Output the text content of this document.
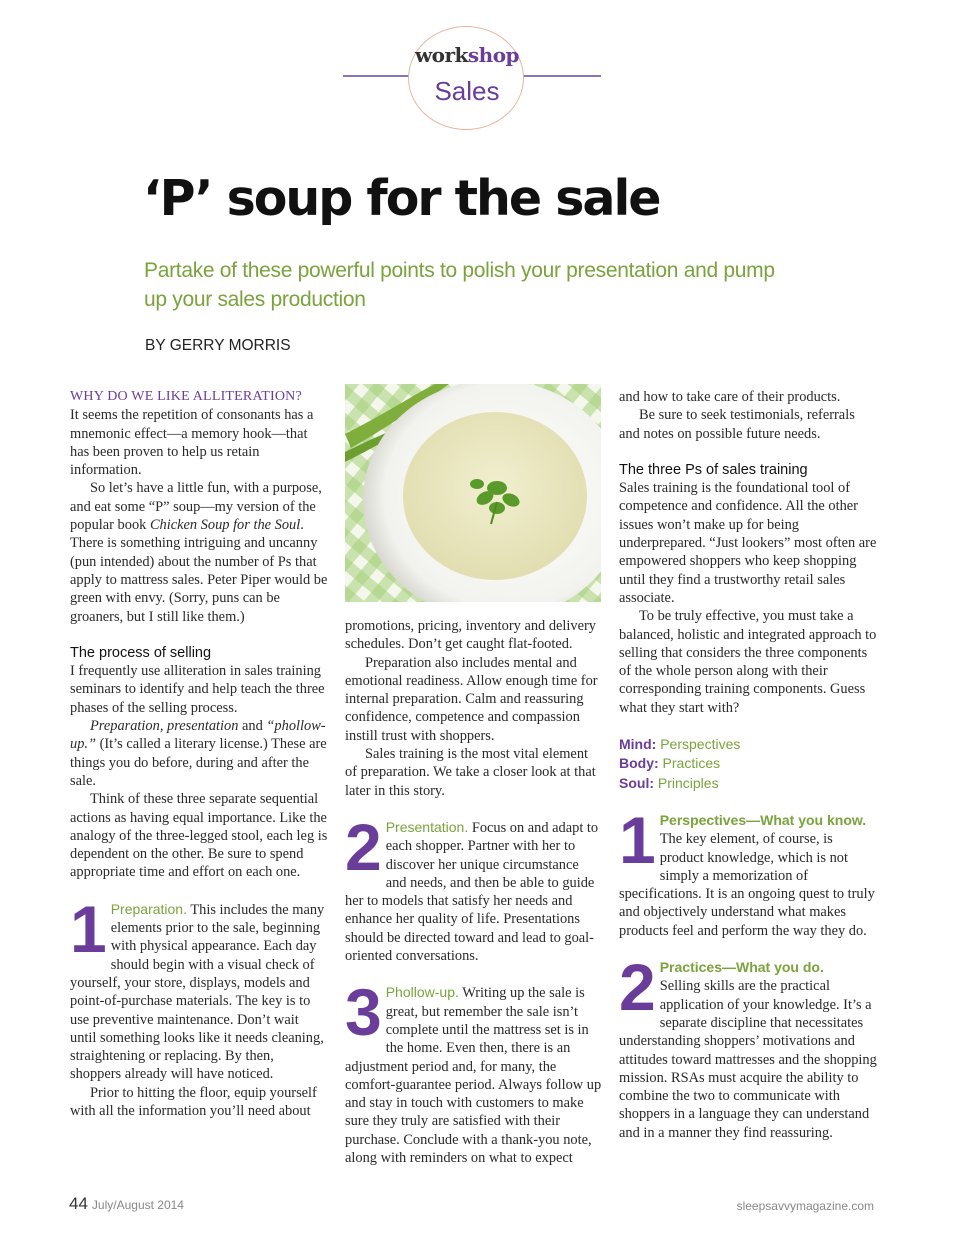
workshop
Sales
‘P’ soup for the sale

Partake of these powerful points to polish your presentation and pump up your sales production

BY GERRY MORRIS

WHY DO WE LIKE ALLITERATION?

It seems the repetition of consonants has a mnemonic effect—a memory hook—that has been proven to help us retain information.

So let’s have a little fun, with a purpose, and eat some “P” soup—my version of the popular book Chicken Soup for the Soul. There is something intriguing and uncanny (pun intended) about the number of Ps that apply to mattress sales. Peter Piper would be green with envy. (Sorry, puns can be groaners, but I still like them.)

The process of selling

I frequently use alliteration in sales training seminars to identify and help teach the three phases of the selling process.

Preparation, presentation and “phollow-up.” (It’s called a literary license.) These are things you do before, during and after the sale.

Think of these three separate sequential actions as having equal importance. Like the analogy of the three-legged stool, each leg is dependent on the other. Be sure to spend appropriate time and effort on each one.

1 Preparation. This includes the many elements prior to the sale, beginning with physical appearance. Each day should begin with a visual check of yourself, your store, displays, models and point-of-purchase materials. The key is to use preventive maintenance. Don’t wait until something looks like it needs cleaning, straightening or replacing. By then, shoppers already will have noticed.

Prior to hitting the floor, equip yourself with all the information you’ll need about

promotions, pricing, inventory and delivery schedules. Don’t get caught flat-footed.

Preparation also includes mental and emotional readiness. Allow enough time for internal preparation. Calm and reassuring confidence, competence and compassion instill trust with shoppers.

Sales training is the most vital element of preparation. We take a closer look at that later in this story.

2 Presentation. Focus on and adapt to each shopper. Partner with her to discover her unique circumstance and needs, and then be able to guide her to models that satisfy her needs and enhance her quality of life. Presentations should be directed toward and lead to goal-oriented conversations.

3 Phollow-up. Writing up the sale is great, but remember the sale isn’t complete until the mattress set is in the home. Even then, there is an adjustment period and, for many, the comfort-guarantee period. Always follow up and stay in touch with customers to make sure they truly are satisfied with their purchase. Conclude with a thank-you note, along with reminders on what to expect

and how to take care of their products.

Be sure to seek testimonials, referrals and notes on possible future needs.

The three Ps of sales training

Sales training is the foundational tool of competence and confidence. All the other issues won’t make up for being underprepared. “Just lookers” most often are empowered shoppers who keep shopping until they find a trustworthy retail sales associate.

To be truly effective, you must take a balanced, holistic and integrated approach to selling that considers the three components of the whole person along with their corresponding training components. Guess what they start with?

Mind: Perspectives

Body: Practices

Soul: Principles

1 Perspectives—What you know.
The key element, of course, is product knowledge, which is not simply a memorization of specifications. It is an ongoing quest to truly and objectively understand what makes products feel and perform the way they do.

2 Practices—What you do.
Selling skills are the practical application of your knowledge. It’s a separate discipline that necessitates understanding shoppers’ motivations and attitudes toward mattresses and the shopping mission. RSAs must acquire the ability to combine the two to communicate with shoppers in a language they can understand and in a manner they find reassuring.

44 July/August 2014	sleepsavvymagazine.com
